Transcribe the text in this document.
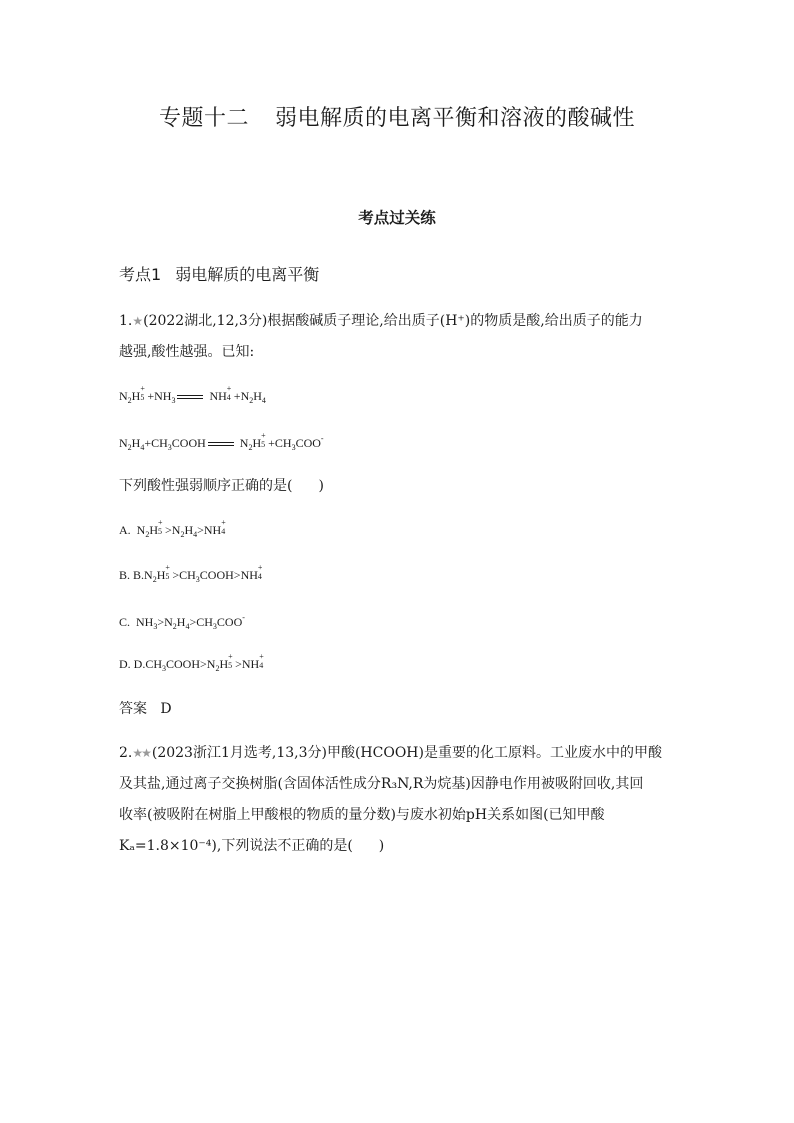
专题十二 弱电解质的电离平衡和溶液的酸碱性
考点过关练
考点1 弱电解质的电离平衡
1.★ (2022湖北,12,3分)根据酸碱质子理论,给出质子(H⁺)的物质是酸,给出质子的能力
越强,酸性越强。已知:
$N_2H$
+
$5 +NH_3$	NH
+
$4 +N_2H_4$
$N_2H_4+CH_3COOH$	$N_2H$
+
$5 +CH_3COO^-$
下列酸性强弱顺序正确的是( )
A.  $N_2H$
+
$5 >N_2H_4>NH$
+
4
B. $B.N_2H$
+
$5 >CH_3COOH>NH$
+
4
C.  $NH_3>N_2H_4>CH_3COO^-$
D. $D.CH_3COOH>N_2H$
+
5 >NH
+
4
答案 D
2.★★ (2023浙江1月选考,13,3分)甲酸(HCOOH)是重要的化工原料。工业废水中的甲酸
及其盐,通过离子交换树脂(含固体活性成分R₃N,R为烷基)因静电作用被吸附回收,其回
收率(被吸附在树脂上甲酸根的物质的量分数)与废水初始pH关系如图(已知甲酸
Kₐ=1.8×10⁻⁴),下列说法不正确的是( )
